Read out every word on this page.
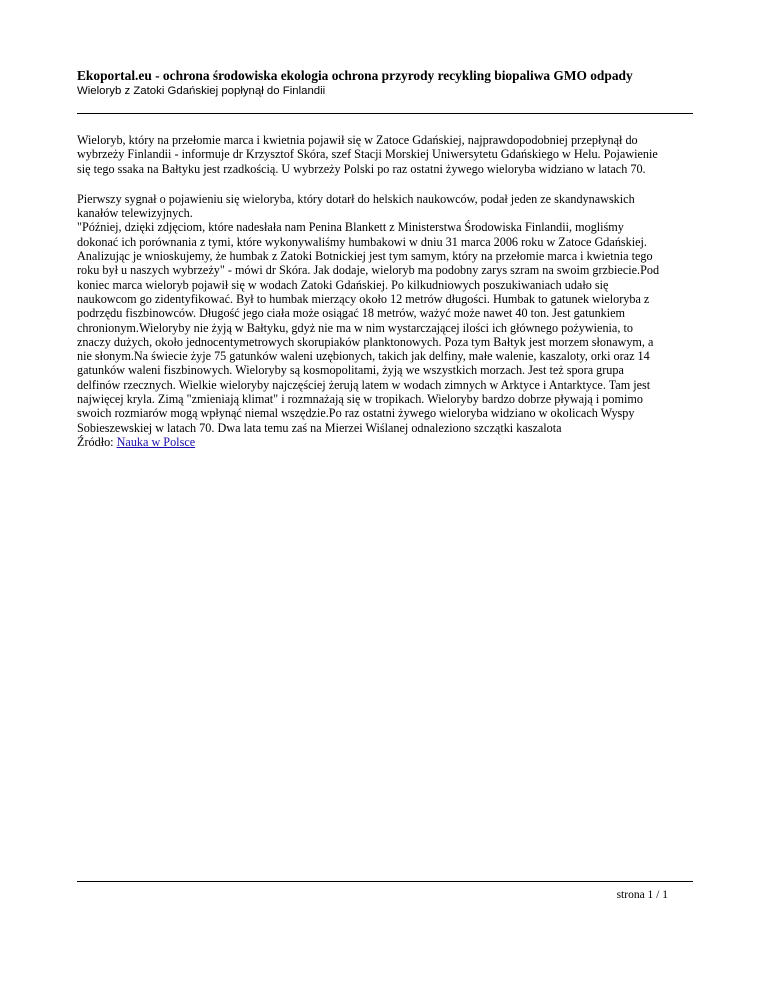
Ekoportal.eu - ochrona środowiska ekologia ochrona przyrody recykling biopaliwa GMO odpady

Wieloryb z Zatoki Gdańskiej popłynął do Finlandii

Wieloryb, który na przełomie marca i kwietnia pojawił się w Zatoce Gdańskiej, najprawdopodobniej przepłynął do
wybrzeży Finlandii - informuje dr Krzysztof Skóra, szef Stacji Morskiej Uniwersytetu Gdańskiego w Helu. Pojawienie
się tego ssaka na Bałtyku jest rzadkością. U wybrzeży Polski po raz ostatni żywego wieloryba widziano w latach 70.

Pierwszy sygnał o pojawieniu się wieloryba, który dotarł do helskich naukowców, podał jeden ze skandynawskich
kanałów telewizyjnych.
"Później, dzięki zdjęciom, które nadesłała nam Penina Blankett z Ministerstwa Środowiska Finlandii, mogliśmy
dokonać ich porównania z tymi, które wykonywaliśmy humbakowi w dniu 31 marca 2006 roku w Zatoce Gdańskiej.
Analizując je wnioskujemy, że humbak z Zatoki Botnickiej jest tym samym, który na przełomie marca i kwietnia tego
roku był u naszych wybrzeży" - mówi dr Skóra. Jak dodaje, wieloryb ma podobny zarys szram na swoim grzbiecie.Pod
koniec marca wieloryb pojawił się w wodach Zatoki Gdańskiej. Po kilkudniowych poszukiwaniach udało się
naukowcom go zidentyfikować. Był to humbak mierzący około 12 metrów długości. Humbak to gatunek wieloryba z
podrzędu fiszbinowców. Długość jego ciała może osiągać 18 metrów, ważyć może nawet 40 ton. Jest gatunkiem
chronionym.Wieloryby nie żyją w Bałtyku, gdyż nie ma w nim wystarczającej ilości ich głównego pożywienia, to
znaczy dużych, około jednocentymetrowych skorupiaków planktonowych. Poza tym Bałtyk jest morzem słonawym, a
nie słonym.Na świecie żyje 75 gatunków waleni uzębionych, takich jak delfiny, małe walenie, kaszaloty, orki oraz 14
gatunków waleni fiszbinowych. Wieloryby są kosmopolitami, żyją we wszystkich morzach. Jest też spora grupa
delfinów rzecznych. Wielkie wieloryby najczęściej żerują latem w wodach zimnych w Arktyce i Antarktyce. Tam jest
najwięcej kryla. Zimą "zmieniają klimat" i rozmnażają się w tropikach. Wieloryby bardzo dobrze pływają i pomimo
swoich rozmiarów mogą wpłynąć niemal wszędzie.Po raz ostatni żywego wieloryba widziano w okolicach Wyspy
Sobieszewskiej w latach 70. Dwa lata temu zaś na Mierzei Wiślanej odnaleziono szczątki kaszalota
Źródło: Nauka w Polsce

strona 1 / 1
